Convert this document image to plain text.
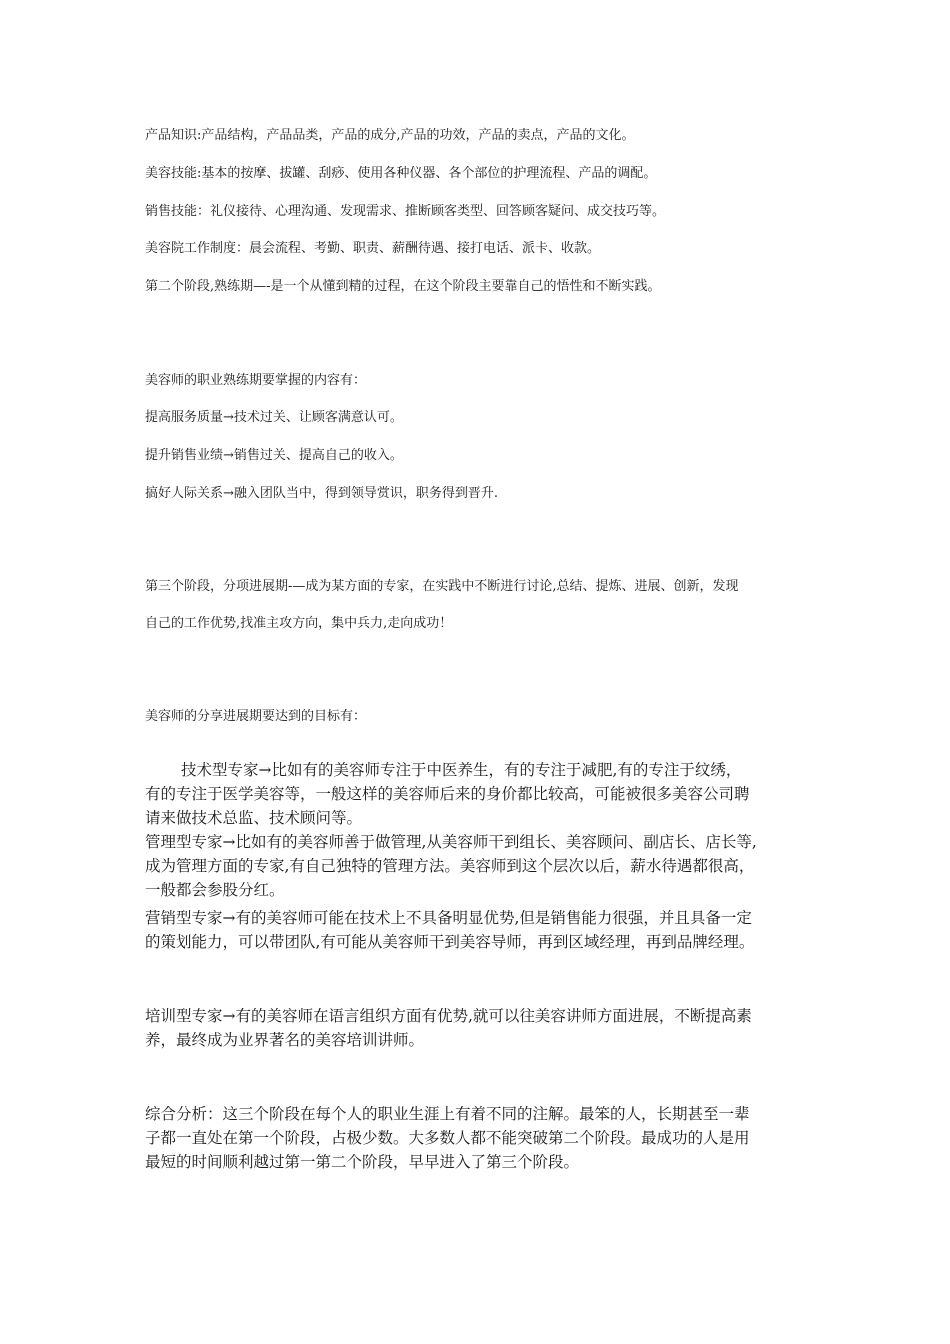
产品知识:产品结构，产品品类，产品的成分,产品的功效，产品的卖点，产品的文化。

美容技能:基本的按摩、拔罐、刮痧、使用各种仪器、各个部位的护理流程、产品的调配。

销售技能：礼仪接待、心理沟通、发现需求、推断顾客类型、回答顾客疑问、成交技巧等。

美容院工作制度：晨会流程、考勤、职责、薪酬待遇、接打电话、派卡、收款。

第二个阶段,熟练期—-是一个从懂到精的过程，在这个阶段主要靠自己的悟性和不断实践。

美容师的职业熟练期要掌握的内容有：

提高服务质量→技术过关、让顾客满意认可。

提升销售业绩→销售过关、提高自己的收入。

搞好人际关系→融入团队当中，得到领导赏识，职务得到晋升.

第三个阶段，分项进展期-—成为某方面的专家，在实践中不断进行讨论,总结、提炼、进展、创新，发现

自己的工作优势,找准主攻方向，集中兵力,走向成功！

美容师的分享进展期要达到的目标有：

技术型专家→比如有的美容师专注于中医养生，有的专注于减肥,有的专注于纹绣，

有的专注于医学美容等，一般这样的美容师后来的身价都比较高，可能被很多美容公司聘

请来做技术总监、技术顾问等。

管理型专家→比如有的美容师善于做管理,从美容师干到组长、美容顾问、副店长、店长等,

成为管理方面的专家,有自己独特的管理方法。美容师到这个层次以后，薪水待遇都很高，

一般都会参股分红。

营销型专家→有的美容师可能在技术上不具备明显优势,但是销售能力很强，并且具备一定

的策划能力，可以带团队,有可能从美容师干到美容导师，再到区域经理，再到品牌经理。

培训型专家→有的美容师在语言组织方面有优势,就可以往美容讲师方面进展，不断提高素

养，最终成为业界著名的美容培训讲师。

综合分析：这三个阶段在每个人的职业生涯上有着不同的注解。最笨的人，长期甚至一辈

子都一直处在第一个阶段，占极少数。大多数人都不能突破第二个阶段。最成功的人是用

最短的时间顺利越过第一第二个阶段，早早进入了第三个阶段。
